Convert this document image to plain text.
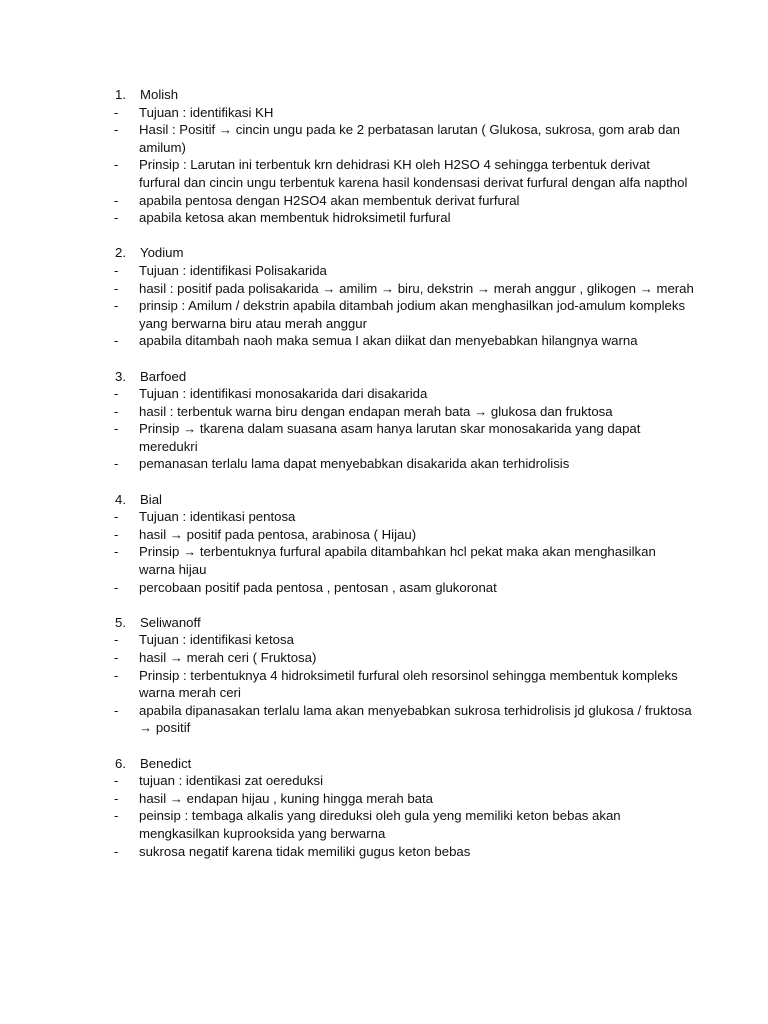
1.	Molish
-	Tujuan : identifikasi KH
-	Hasil : Positif → cincin ungu pada ke 2 perbatasan larutan ( Glukosa, sukrosa, gom arab dan amilum)
-	Prinsip : Larutan ini terbentuk krn dehidrasi KH oleh H2SO 4 sehingga terbentuk derivat furfural dan cincin ungu terbentuk karena hasil kondensasi derivat furfural dengan alfa napthol
-	apabila pentosa dengan H2SO4 akan membentuk derivat furfural
-	apabila ketosa akan membentuk hidroksimetil furfural
2.	Yodium
-	Tujuan : identifikasi Polisakarida
-	hasil : positif pada polisakarida → amilim → biru, dekstrin → merah anggur , glikogen → merah
-	prinsip : Amilum / dekstrin apabila ditambah jodium akan menghasilkan jod-amulum kompleks yang berwarna biru atau merah anggur
-	apabila ditambah naoh maka semua I akan diikat dan menyebabkan hilangnya warna
3.	Barfoed
-	Tujuan : identifikasi monosakarida dari disakarida
-	hasil : terbentuk warna biru dengan endapan merah bata → glukosa dan fruktosa
-	Prinsip → tkarena dalam suasana asam hanya larutan skar monosakarida yang dapat meredukri
-	pemanasan terlalu lama dapat menyebabkan disakarida akan terhidrolisis
4.	Bial
-	Tujuan : identikasi pentosa
-	hasil → positif pada pentosa, arabinosa ( Hijau)
-	Prinsip → terbentuknya furfural apabila ditambahkan hcl pekat maka akan menghasilkan warna hijau
-	percobaan positif pada pentosa , pentosan , asam glukoronat
5.	Seliwanoff
-	Tujuan : identifikasi ketosa
-	hasil → merah ceri ( Fruktosa)
-	Prinsip : terbentuknya 4 hidroksimetil furfural oleh resorsinol sehingga membentuk kompleks warna merah ceri
-	apabila dipanasakan terlalu lama akan menyebabkan sukrosa terhidrolisis jd glukosa / fruktosa → positif
6.	Benedict
-	tujuan : identikasi zat oereduksi
-	hasil → endapan hijau , kuning hingga merah bata
-	peinsip : tembaga alkalis yang direduksi oleh gula yeng memiliki keton bebas akan mengkasilkan kuprooksida yang berwarna
-	sukrosa negatif karena tidak memiliki gugus keton bebas
